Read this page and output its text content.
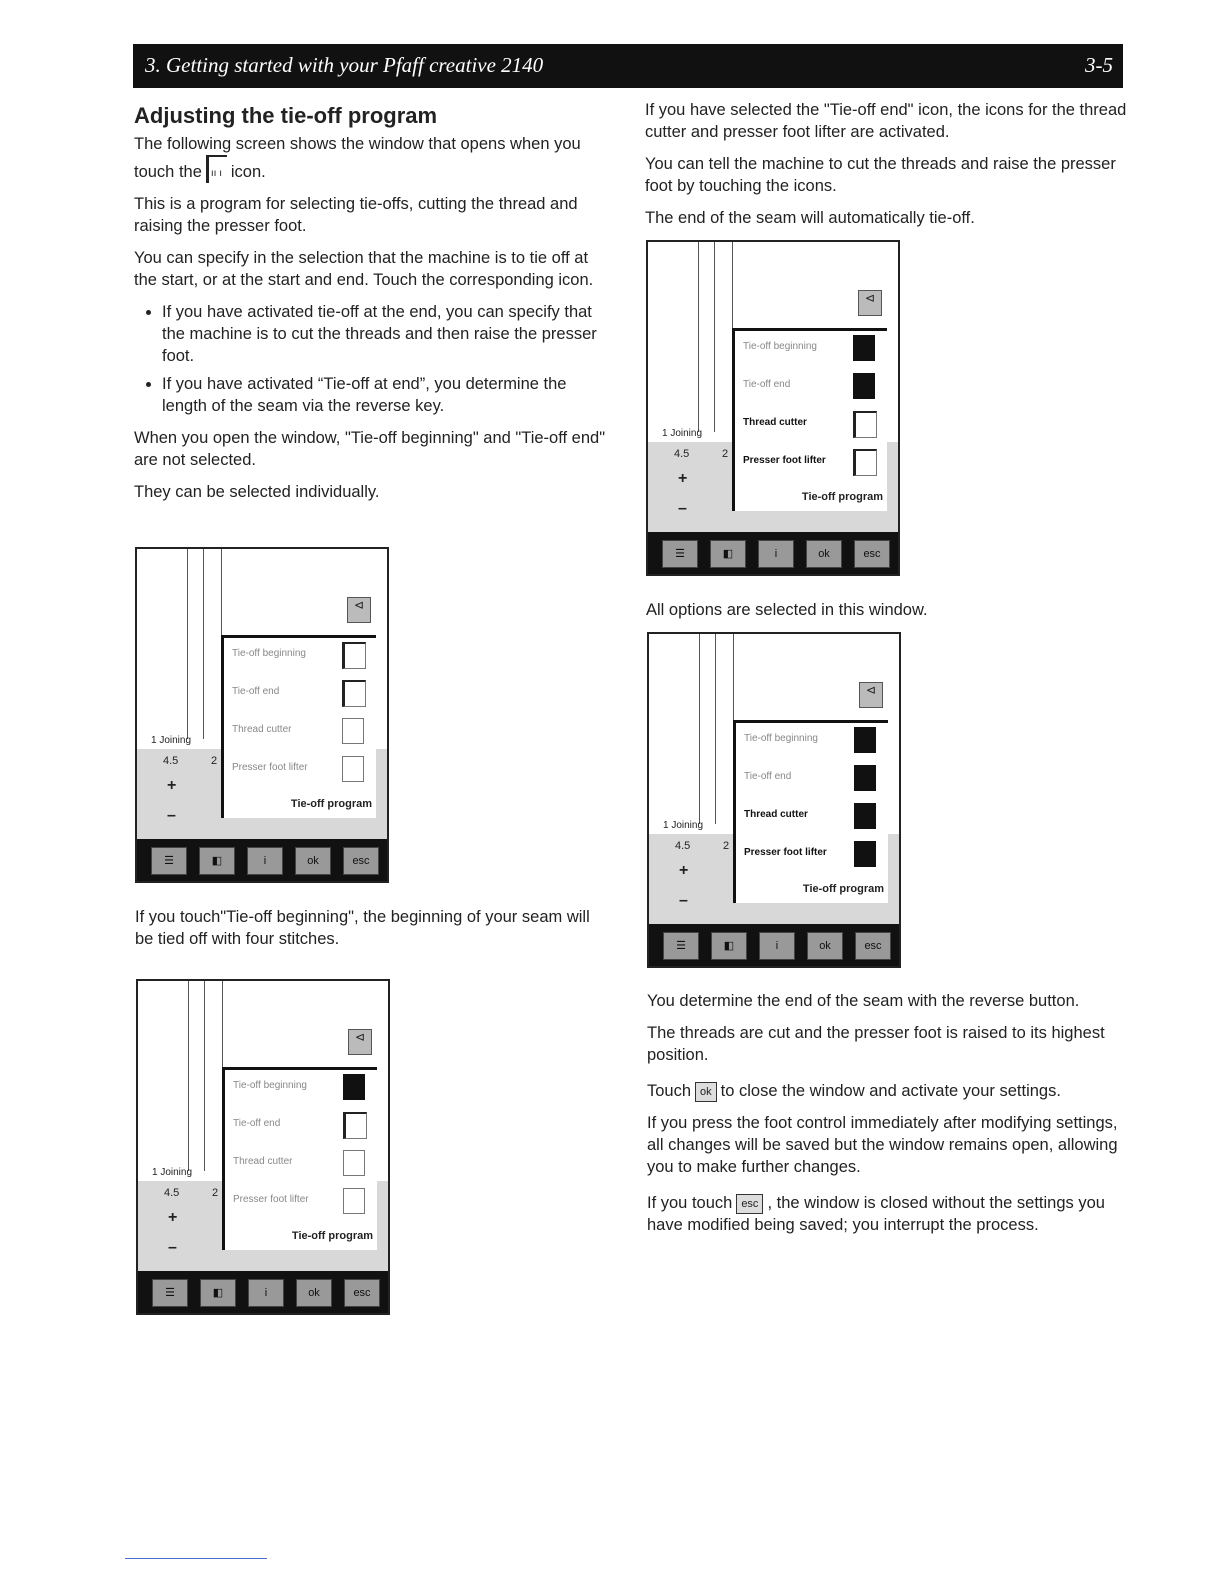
3. Getting started with your Pfaff creative 2140	3-5
Adjusting the tie-off program

The following screen shows the window that opens when you touch the ıı ı icon.

This is a program for selecting tie-offs, cutting the thread and raising the presser foot.

You can specify in the selection that the machine is to tie off at the start, or at the start and end. Touch the corresponding icon.

• If you have activated tie-off at the end, you can specify that the machine is to cut the threads and then raise the presser foot.
• If you have activated “Tie-off at end”, you determine the length of the seam via the reverse key.

When you open the window, "Tie-off beginning" and "Tie-off end" are not selected.

They can be selected individually.

If you touch"Tie-off beginning", the beginning of your seam will be tied off with four stitches.

If you have selected the "Tie-off end" icon, the icons for the thread cutter and presser foot lifter are activated.

You can tell the machine to cut the threads and raise the presser foot by touching the icons.

The end of the seam will automatically tie-off.

All options are selected in this window.

You determine the end of the seam with the reverse button.

The threads are cut and the presser foot is raised to its highest position.

Touch ok to close the window and activate your settings.

If you press the foot control immediately after modifying settings, all changes will be saved but the window remains open, allowing you to make further changes.

If you touch esc , the window is closed without the settings you have modified being saved; you interrupt the process.

⊲
1 Joining
4.5	2
+
–
Tie-off beginning
Tie-off end
Thread cutter
Presser foot lifter
Tie-off program
☰	◧	i	ok	esc
⊲
1 Joining
4.5	2
+
–
Tie-off beginning
Tie-off end
Thread cutter
Presser foot lifter
Tie-off program
☰	◧	i	ok	esc
⊲
1 Joining
4.5	2
+
–
Tie-off beginning
Tie-off end
Thread cutter
Presser foot lifter
Tie-off program
☰	◧	i	ok	esc
⊲
1 Joining
4.5	2
+
–
Tie-off beginning
Tie-off end
Thread cutter
Presser foot lifter
Tie-off program
☰	◧	i	ok	esc
